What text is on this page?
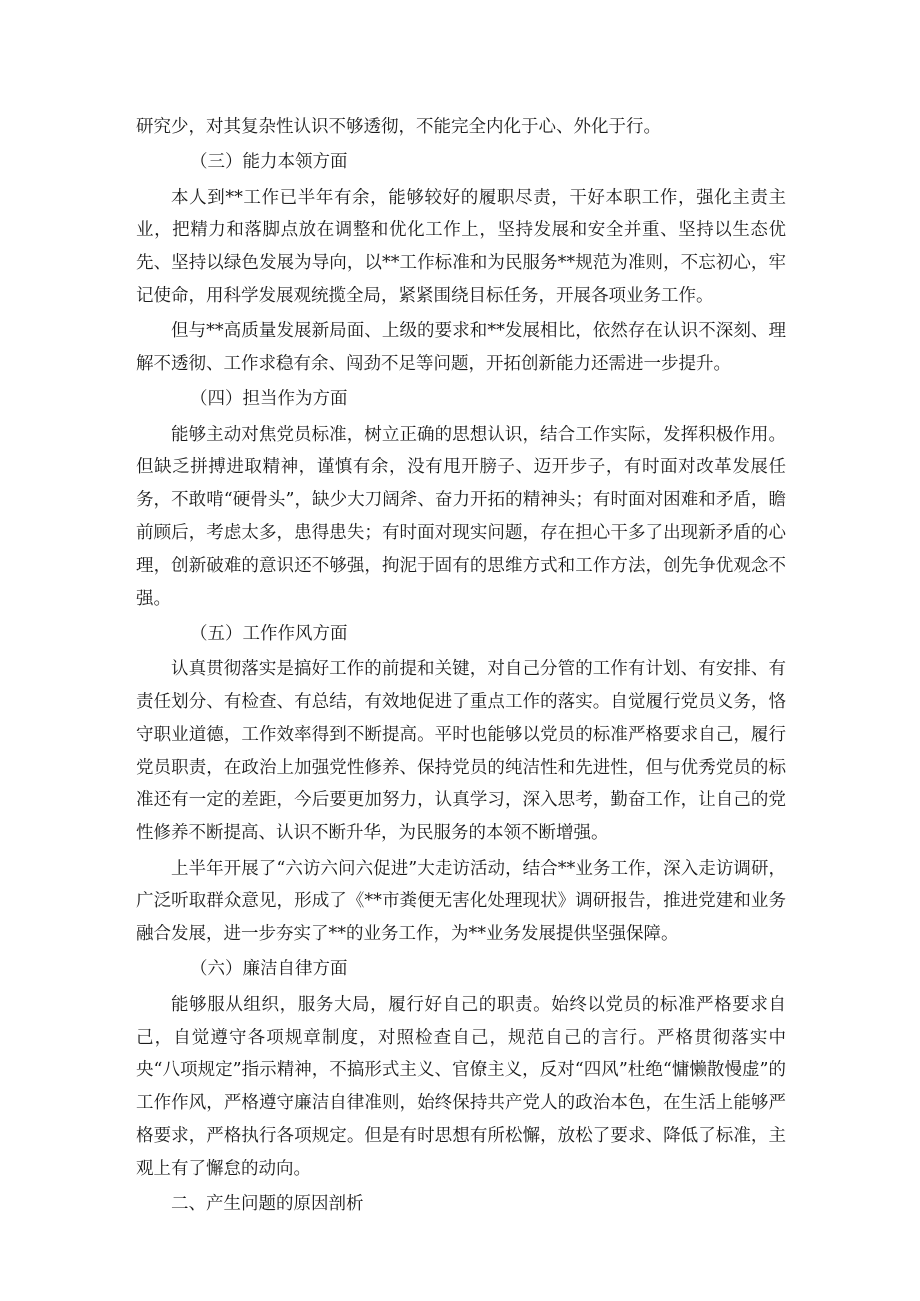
研究少，对其复杂性认识不够透彻，不能完全内化于心、外化于行。

（三）能力本领方面

本人到**工作已半年有余，能够较好的履职尽责，干好本职工作，强化主责主业，把精力和落脚点放在调整和优化工作上，坚持发展和安全并重、坚持以生态优先、坚持以绿色发展为导向，以**工作标准和为民服务**规范为准则，不忘初心，牢记使命，用科学发展观统揽全局，紧紧围绕目标任务，开展各项业务工作。

但与**高质量发展新局面、上级的要求和**发展相比，依然存在认识不深刻、理解不透彻、工作求稳有余、闯劲不足等问题，开拓创新能力还需进一步提升。

（四）担当作为方面

能够主动对焦党员标准，树立正确的思想认识，结合工作实际，发挥积极作用。但缺乏拼搏进取精神，谨慎有余，没有甩开膀子、迈开步子，有时面对改革发展任务，不敢啃“硬骨头”，缺少大刀阔斧、奋力开拓的精神头；有时面对困难和矛盾，瞻前顾后，考虑太多，患得患失；有时面对现实问题，存在担心干多了出现新矛盾的心理，创新破难的意识还不够强，拘泥于固有的思维方式和工作方法，创先争优观念不强。

（五）工作作风方面

认真贯彻落实是搞好工作的前提和关键，对自己分管的工作有计划、有安排、有责任划分、有检查、有总结，有效地促进了重点工作的落实。自觉履行党员义务，恪守职业道德，工作效率得到不断提高。平时也能够以党员的标准严格要求自己，履行党员职责，在政治上加强党性修养、保持党员的纯洁性和先进性，但与优秀党员的标准还有一定的差距，今后要更加努力，认真学习，深入思考，勤奋工作，让自己的党性修养不断提高、认识不断升华，为民服务的本领不断增强。

上半年开展了“六访六问六促进”大走访活动，结合**业务工作，深入走访调研，广泛听取群众意见，形成了《**市粪便无害化处理现状》调研报告，推进党建和业务融合发展，进一步夯实了**的业务工作，为**业务发展提供坚强保障。

（六）廉洁自律方面

能够服从组织，服务大局，履行好自己的职责。始终以党员的标准严格要求自己，自觉遵守各项规章制度，对照检查自己，规范自己的言行。严格贯彻落实中央“八项规定”指示精神，不搞形式主义、官僚主义，反对“四风”杜绝“慵懒散慢虚”的工作作风，严格遵守廉洁自律准则，始终保持共产党人的政治本色，在生活上能够严格要求，严格执行各项规定。但是有时思想有所松懈，放松了要求、降低了标准，主观上有了懈怠的动向。

二、产生问题的原因剖析
